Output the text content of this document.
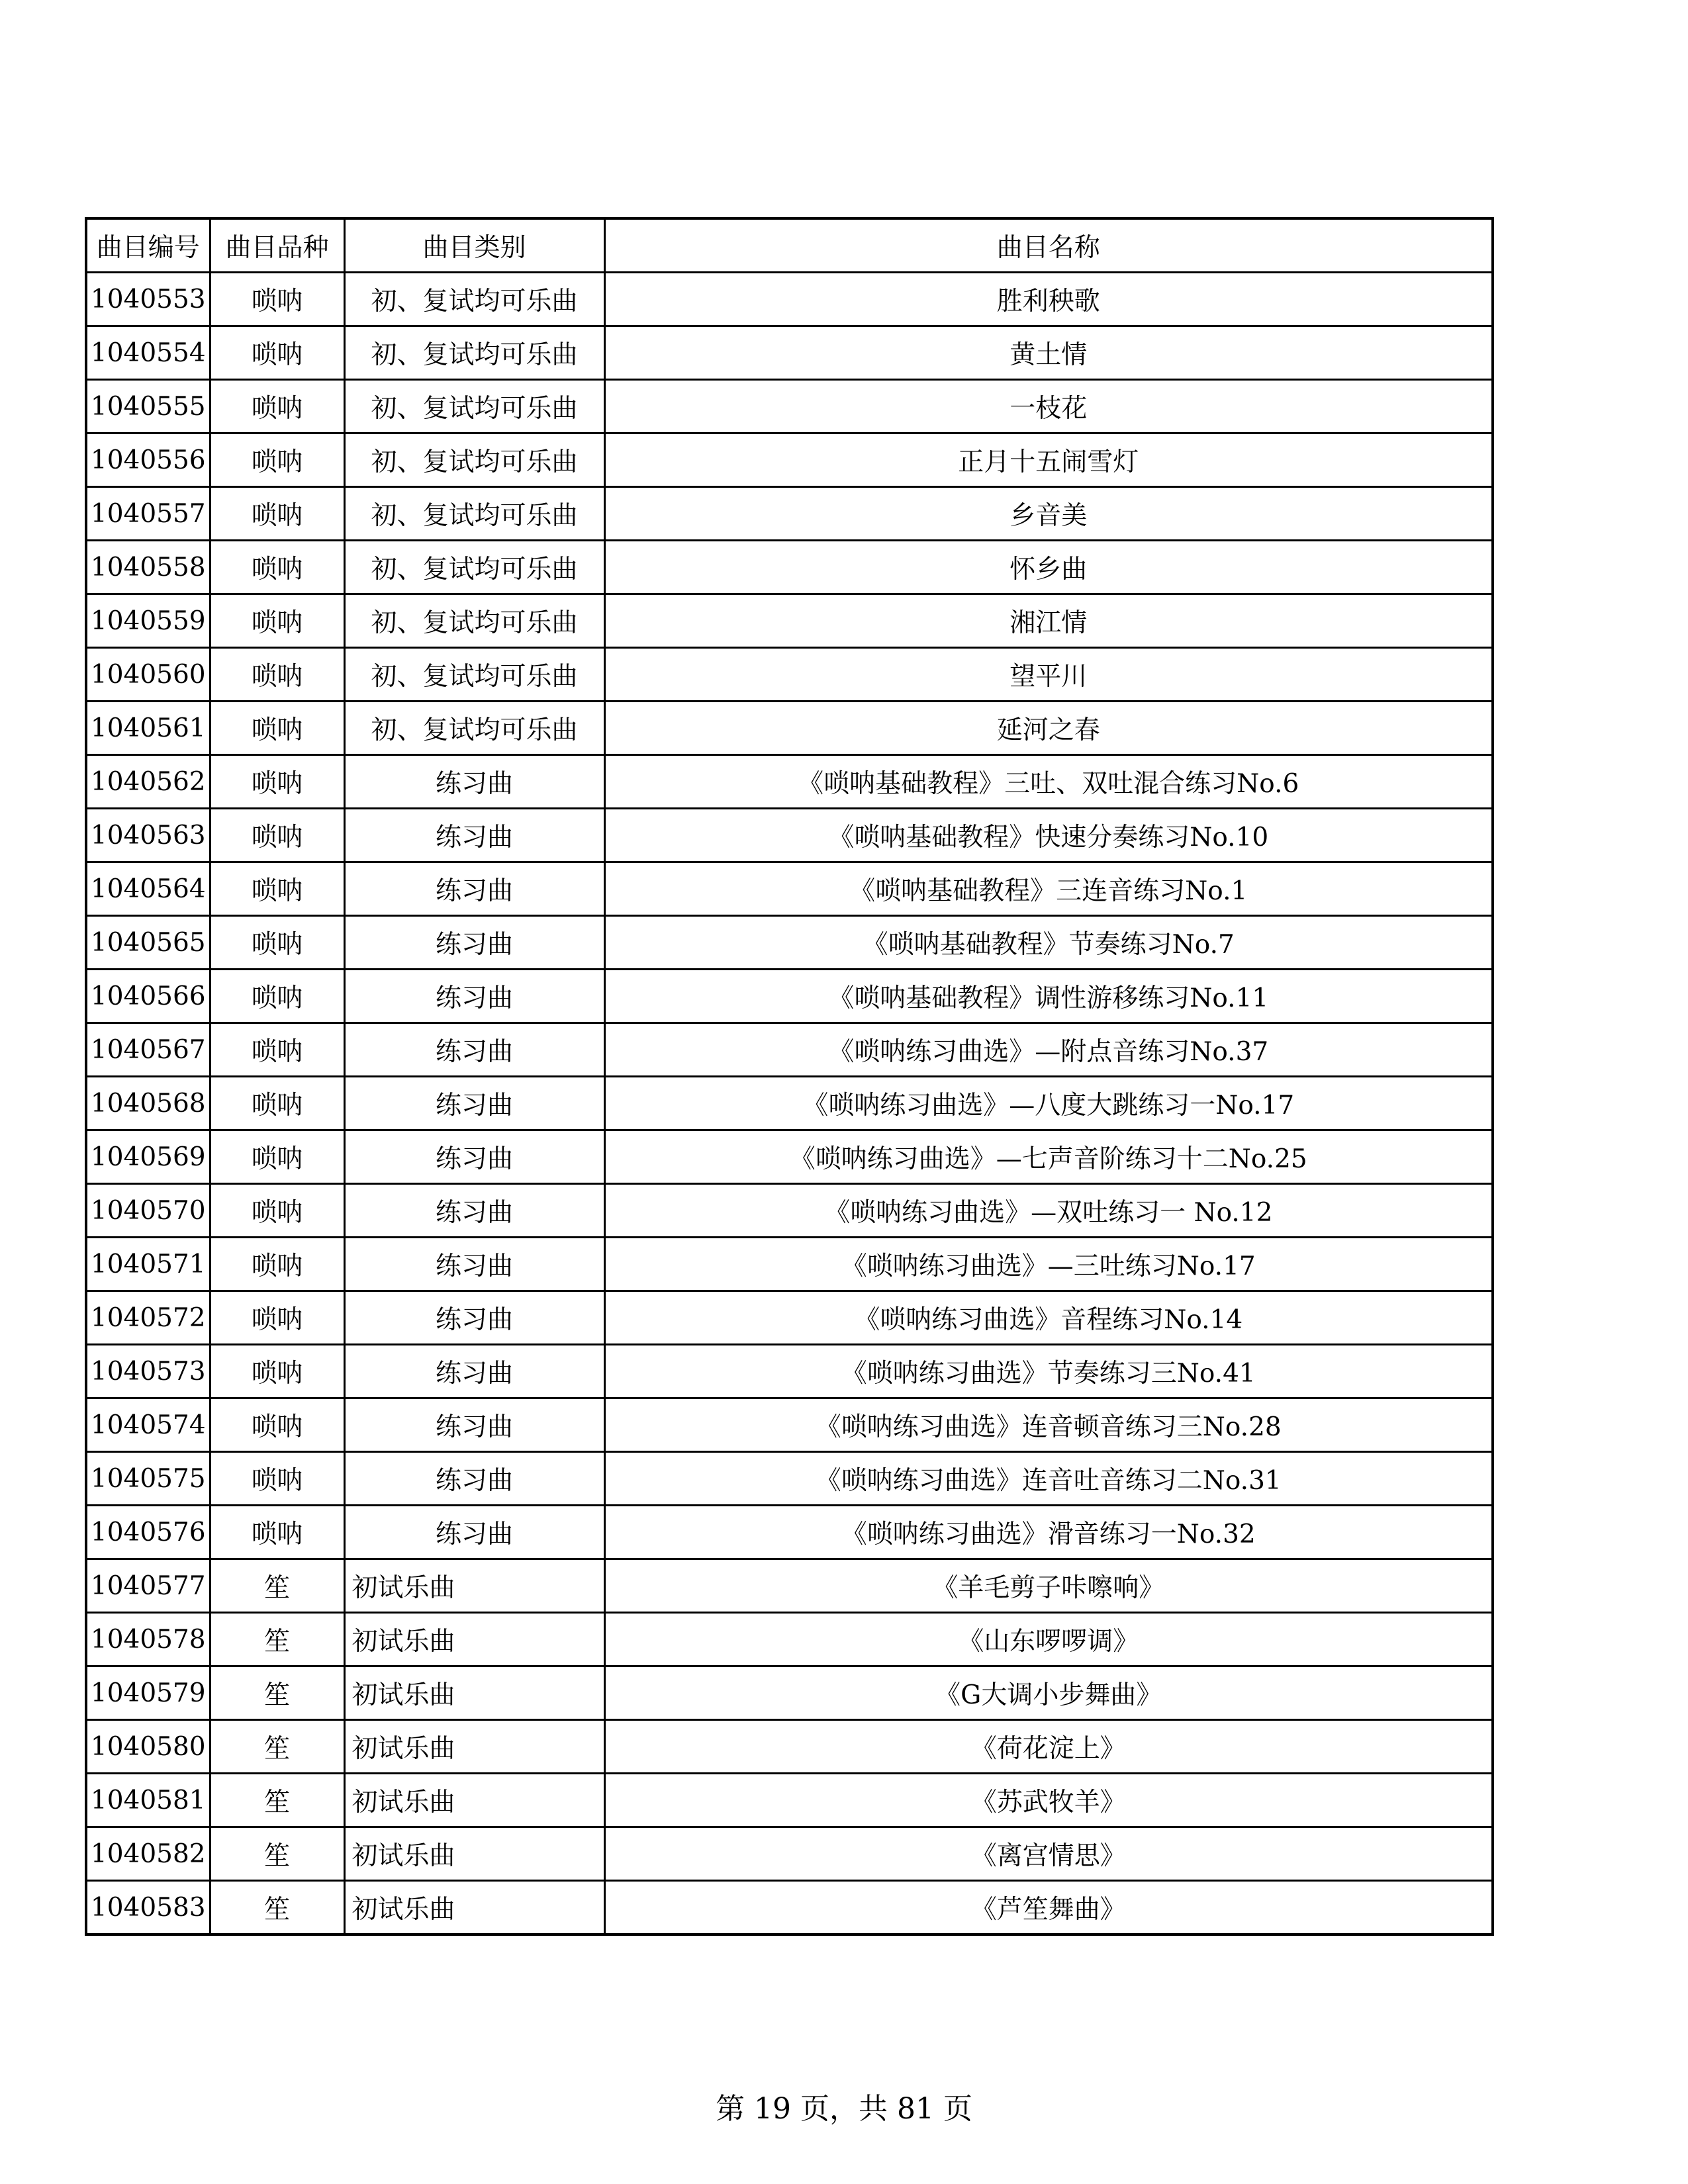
曲目编号	曲目品种	曲目类别	曲目名称
1040553	唢呐	初、复试均可乐曲	胜利秧歌
1040554	唢呐	初、复试均可乐曲	黄土情
1040555	唢呐	初、复试均可乐曲	一枝花
1040556	唢呐	初、复试均可乐曲	正月十五闹雪灯
1040557	唢呐	初、复试均可乐曲	乡音美
1040558	唢呐	初、复试均可乐曲	怀乡曲
1040559	唢呐	初、复试均可乐曲	湘江情
1040560	唢呐	初、复试均可乐曲	望平川
1040561	唢呐	初、复试均可乐曲	延河之春
1040562	唢呐	练习曲	《唢呐基础教程》三吐、双吐混合练习No.6
1040563	唢呐	练习曲	《唢呐基础教程》快速分奏练习No.10
1040564	唢呐	练习曲	《唢呐基础教程》三连音练习No.1
1040565	唢呐	练习曲	《唢呐基础教程》节奏练习No.7
1040566	唢呐	练习曲	《唢呐基础教程》调性游移练习No.11
1040567	唢呐	练习曲	《唢呐练习曲选》—附点音练习No.37
1040568	唢呐	练习曲	《唢呐练习曲选》—八度大跳练习一No.17
1040569	唢呐	练习曲	《唢呐练习曲选》—七声音阶练习十二No.25
1040570	唢呐	练习曲	《唢呐练习曲选》—双吐练习一 No.12
1040571	唢呐	练习曲	《唢呐练习曲选》—三吐练习No.17
1040572	唢呐	练习曲	《唢呐练习曲选》音程练习No.14
1040573	唢呐	练习曲	《唢呐练习曲选》节奏练习三No.41
1040574	唢呐	练习曲	《唢呐练习曲选》连音顿音练习三No.28
1040575	唢呐	练习曲	《唢呐练习曲选》连音吐音练习二No.31
1040576	唢呐	练习曲	《唢呐练习曲选》滑音练习一No.32
1040577	笙	初试乐曲	《羊毛剪子咔嚓响》
1040578	笙	初试乐曲	《山东啰啰调》
1040579	笙	初试乐曲	《G大调小步舞曲》
1040580	笙	初试乐曲	《荷花淀上》
1040581	笙	初试乐曲	《苏武牧羊》
1040582	笙	初试乐曲	《离宫情思》
1040583	笙	初试乐曲	《芦笙舞曲》
第 19 页，共 81 页
